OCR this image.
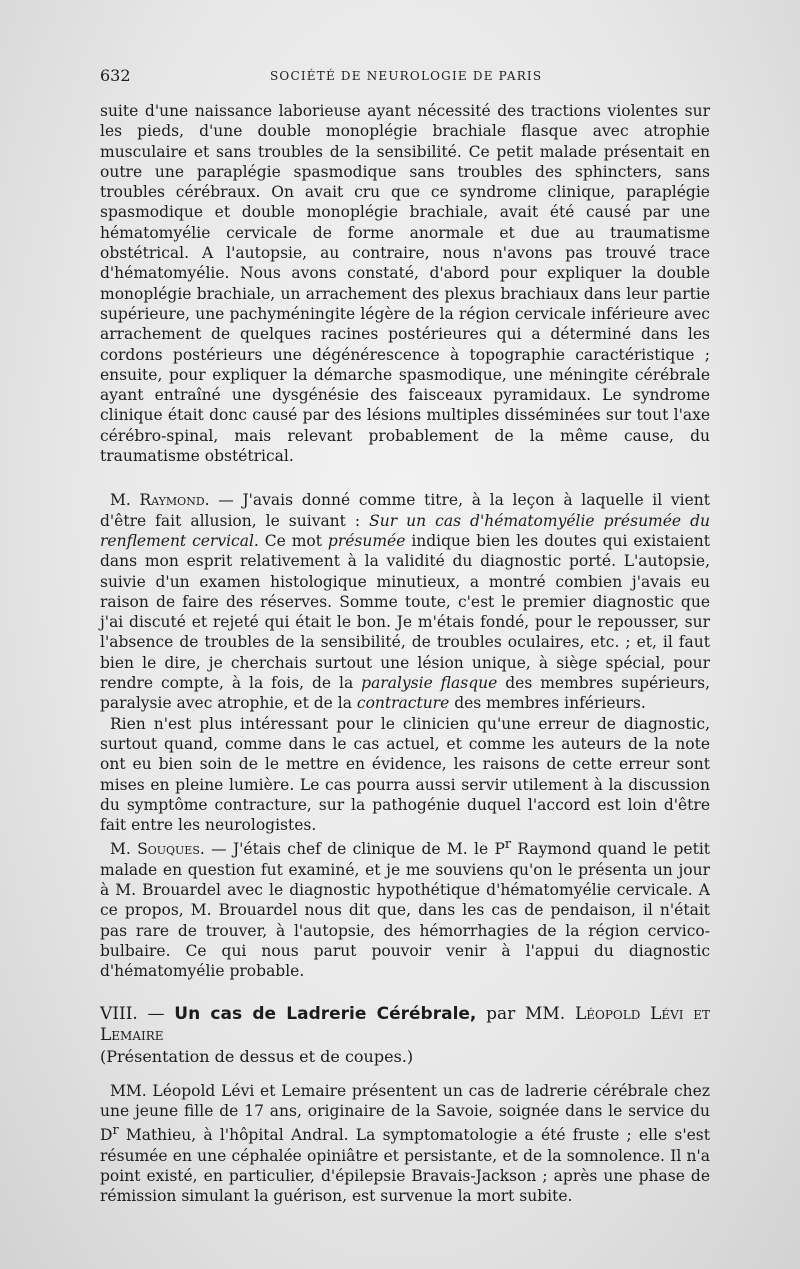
632	SOCIÉTÉ DE NEUROLOGIE DE PARIS

suite d'une naissance laborieuse ayant nécessité des tractions violentes sur les pieds, d'une double monoplégie brachiale flasque avec atrophie musculaire et sans troubles de la sensibilité. Ce petit malade présentait en outre une paraplégie spasmodique sans troubles des sphincters, sans troubles cérébraux. On avait cru que ce syndrome clinique, paraplégie spasmodique et double monoplégie brachiale, avait été causé par une hématomyélie cervicale de forme anormale et due au traumatisme obstétrical. A l'autopsie, au contraire, nous n'avons pas trouvé trace d'hématomyélie. Nous avons constaté, d'abord pour expliquer la double monoplégie brachiale, un arrachement des plexus brachiaux dans leur partie supérieure, une pachyméningite légère de la région cervicale inférieure avec arrachement de quelques racines postérieures qui a déterminé dans les cordons postérieurs une dégénérescence à topographie caractéristique ; ensuite, pour expliquer la démarche spasmodique, une méningite cérébrale ayant entraîné une dysgénésie des faisceaux pyramidaux. Le syndrome clinique était donc causé par des lésions multiples disséminées sur tout l'axe cérébro-spinal, mais relevant probablement de la même cause, du traumatisme obstétrical.

M. Raymond. — J'avais donné comme titre, à la leçon à laquelle il vient d'être fait allusion, le suivant : Sur un cas d'hématomyélie présumée du renflement cervical. Ce mot présumée indique bien les doutes qui existaient dans mon esprit relativement à la validité du diagnostic porté. L'autopsie, suivie d'un examen histologique minutieux, a montré combien j'avais eu raison de faire des réserves. Somme toute, c'est le premier diagnostic que j'ai discuté et rejeté qui était le bon. Je m'étais fondé, pour le repousser, sur l'absence de troubles de la sensibilité, de troubles oculaires, etc. ; et, il faut bien le dire, je cherchais surtout une lésion unique, à siège spécial, pour rendre compte, à la fois, de la paralysie flasque des membres supérieurs, paralysie avec atrophie, et de la contracture des membres inférieurs.

Rien n'est plus intéressant pour le clinicien qu'une erreur de diagnostic, surtout quand, comme dans le cas actuel, et comme les auteurs de la note ont eu bien soin de le mettre en évidence, les raisons de cette erreur sont mises en pleine lumière. Le cas pourra aussi servir utilement à la discussion du symptôme contracture, sur la pathogénie duquel l'accord est loin d'être fait entre les neurologistes.

M. Souques. — J'étais chef de clinique de M. le $P^r$ Raymond quand le petit malade en question fut examiné, et je me souviens qu'on le présenta un jour à M. Brouardel avec le diagnostic hypothétique d'hématomyélie cervicale. A ce propos, M. Brouardel nous dit que, dans les cas de pendaison, il n'était pas rare de trouver, à l'autopsie, des hémorrhagies de la région cervico-bulbaire. Ce qui nous parut pouvoir venir à l'appui du diagnostic d'hématomyélie probable.

VIII. — Un cas de Ladrerie Cérébrale, par MM. Léopold Lévi et Lemaire

(Présentation de dessus et de coupes.)

MM. Léopold Lévi et Lemaire présentent un cas de ladrerie cérébrale chez une jeune fille de 17 ans, originaire de la Savoie, soignée dans le service du $D^r$ Mathieu, à l'hôpital Andral. La symptomatologie a été fruste ; elle s'est résumée en une céphalée opiniâtre et persistante, et de la somnolence. Il n'a point existé, en particulier, d'épilepsie Bravais-Jackson ; après une phase de rémission simulant la guérison, est survenue la mort subite.
